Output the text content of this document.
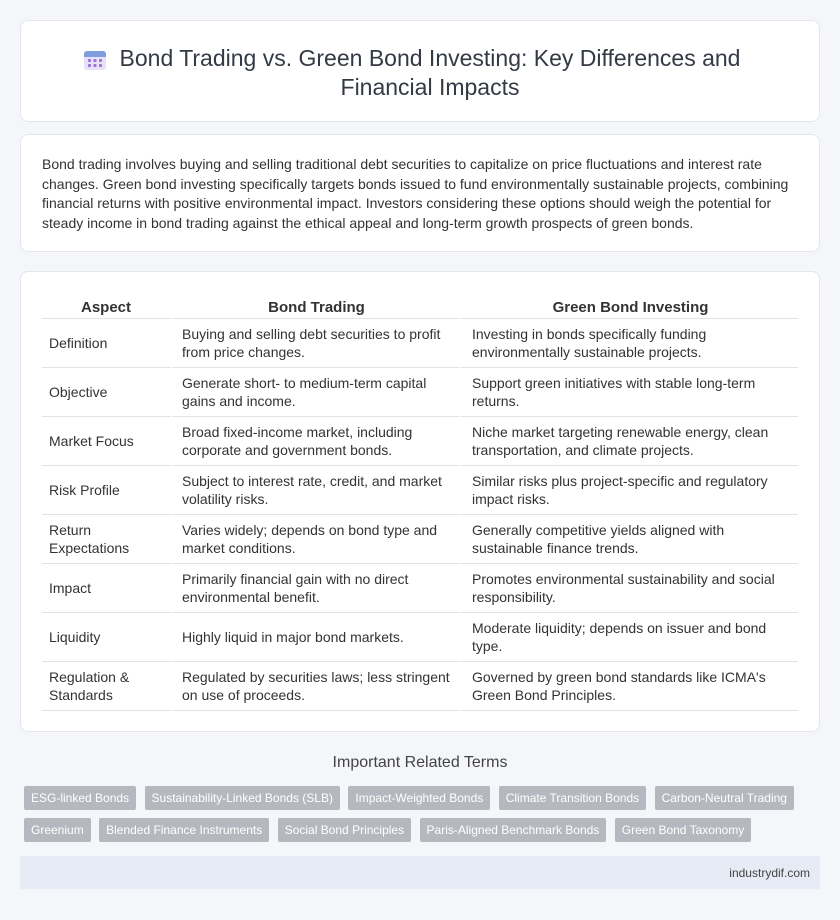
Bond Trading vs. Green Bond Investing: Key Differences and Financial Impacts

Bond trading involves buying and selling traditional debt securities to capitalize on price fluctuations and interest rate changes. Green bond investing specifically targets bonds issued to fund environmentally sustainable projects, combining financial returns with positive environmental impact. Investors considering these options should weigh the potential for steady income in bond trading against the ethical appeal and long-term growth prospects of green bonds.

Aspect	Bond Trading	Green Bond Investing
Definition	Buying and selling debt securities to profit from price changes.	Investing in bonds specifically funding environmentally sustainable projects.
Objective	Generate short- to medium-term capital gains and income.	Support green initiatives with stable long-term returns.
Market Focus	Broad fixed-income market, including corporate and government bonds.	Niche market targeting renewable energy, clean transportation, and climate projects.
Risk Profile	Subject to interest rate, credit, and market volatility risks.	Similar risks plus project-specific and regulatory impact risks.
Return Expectations	Varies widely; depends on bond type and market conditions.	Generally competitive yields aligned with sustainable finance trends.
Impact	Primarily financial gain with no direct environmental benefit.	Promotes environmental sustainability and social responsibility.
Liquidity	Highly liquid in major bond markets.	Moderate liquidity; depends on issuer and bond type.
Regulation & Standards	Regulated by securities laws; less stringent on use of proceeds.	Governed by green bond standards like ICMA's Green Bond Principles.
Important Related Terms
ESG-linked Bonds Sustainability-Linked Bonds (SLB) Impact-Weighted Bonds Climate Transition Bonds Carbon-Neutral Trading Greenium Blended Finance Instruments Social Bond Principles Paris-Aligned Benchmark Bonds Green Bond Taxonomy
industrydif.com
